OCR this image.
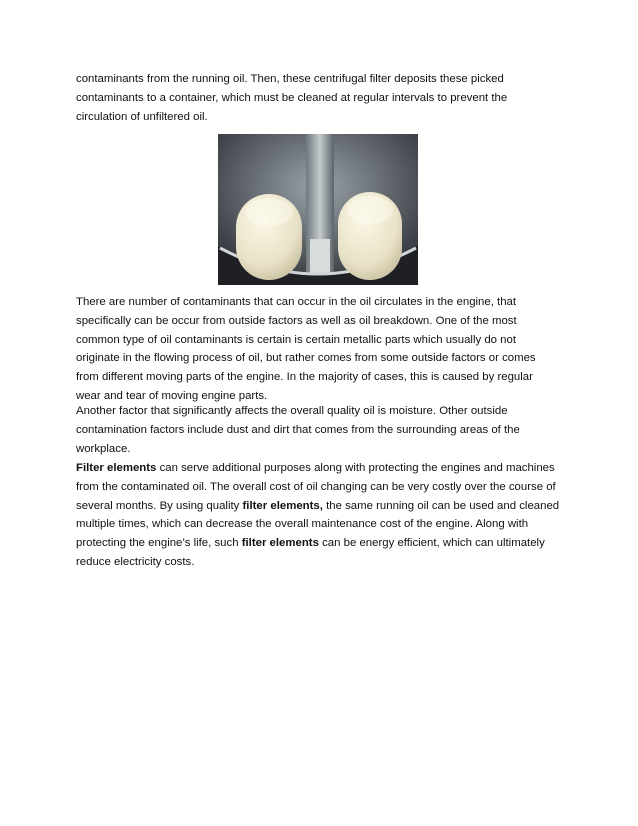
contaminants from the running oil. Then, these centrifugal filter deposits these picked
contaminants to a container, which must be cleaned at regular intervals to prevent the
circulation of unfiltered oil.

There are number of contaminants that can occur in the oil circulates in the engine, that
specifically can be occur from outside factors as well as oil breakdown. One of the most
common type of oil contaminants is certain is certain metallic parts which usually do not
originate in the flowing process of oil, but rather comes from some outside factors or comes
from different moving parts of the engine. In the majority of cases, this is caused by regular
wear and tear of moving engine parts.

Another factor that significantly affects the overall quality oil is moisture. Other outside
contamination factors include dust and dirt that comes from the surrounding areas of the
workplace.

Filter elements can serve additional purposes along with protecting the engines and machines
from the contaminated oil. The overall cost of oil changing can be very costly over the course of
several months. By using quality filter elements, the same running oil can be used and cleaned
multiple times, which can decrease the overall maintenance cost of the engine. Along with
protecting the engine’s life, such filter elements can be energy efficient, which can ultimately
reduce electricity costs.
